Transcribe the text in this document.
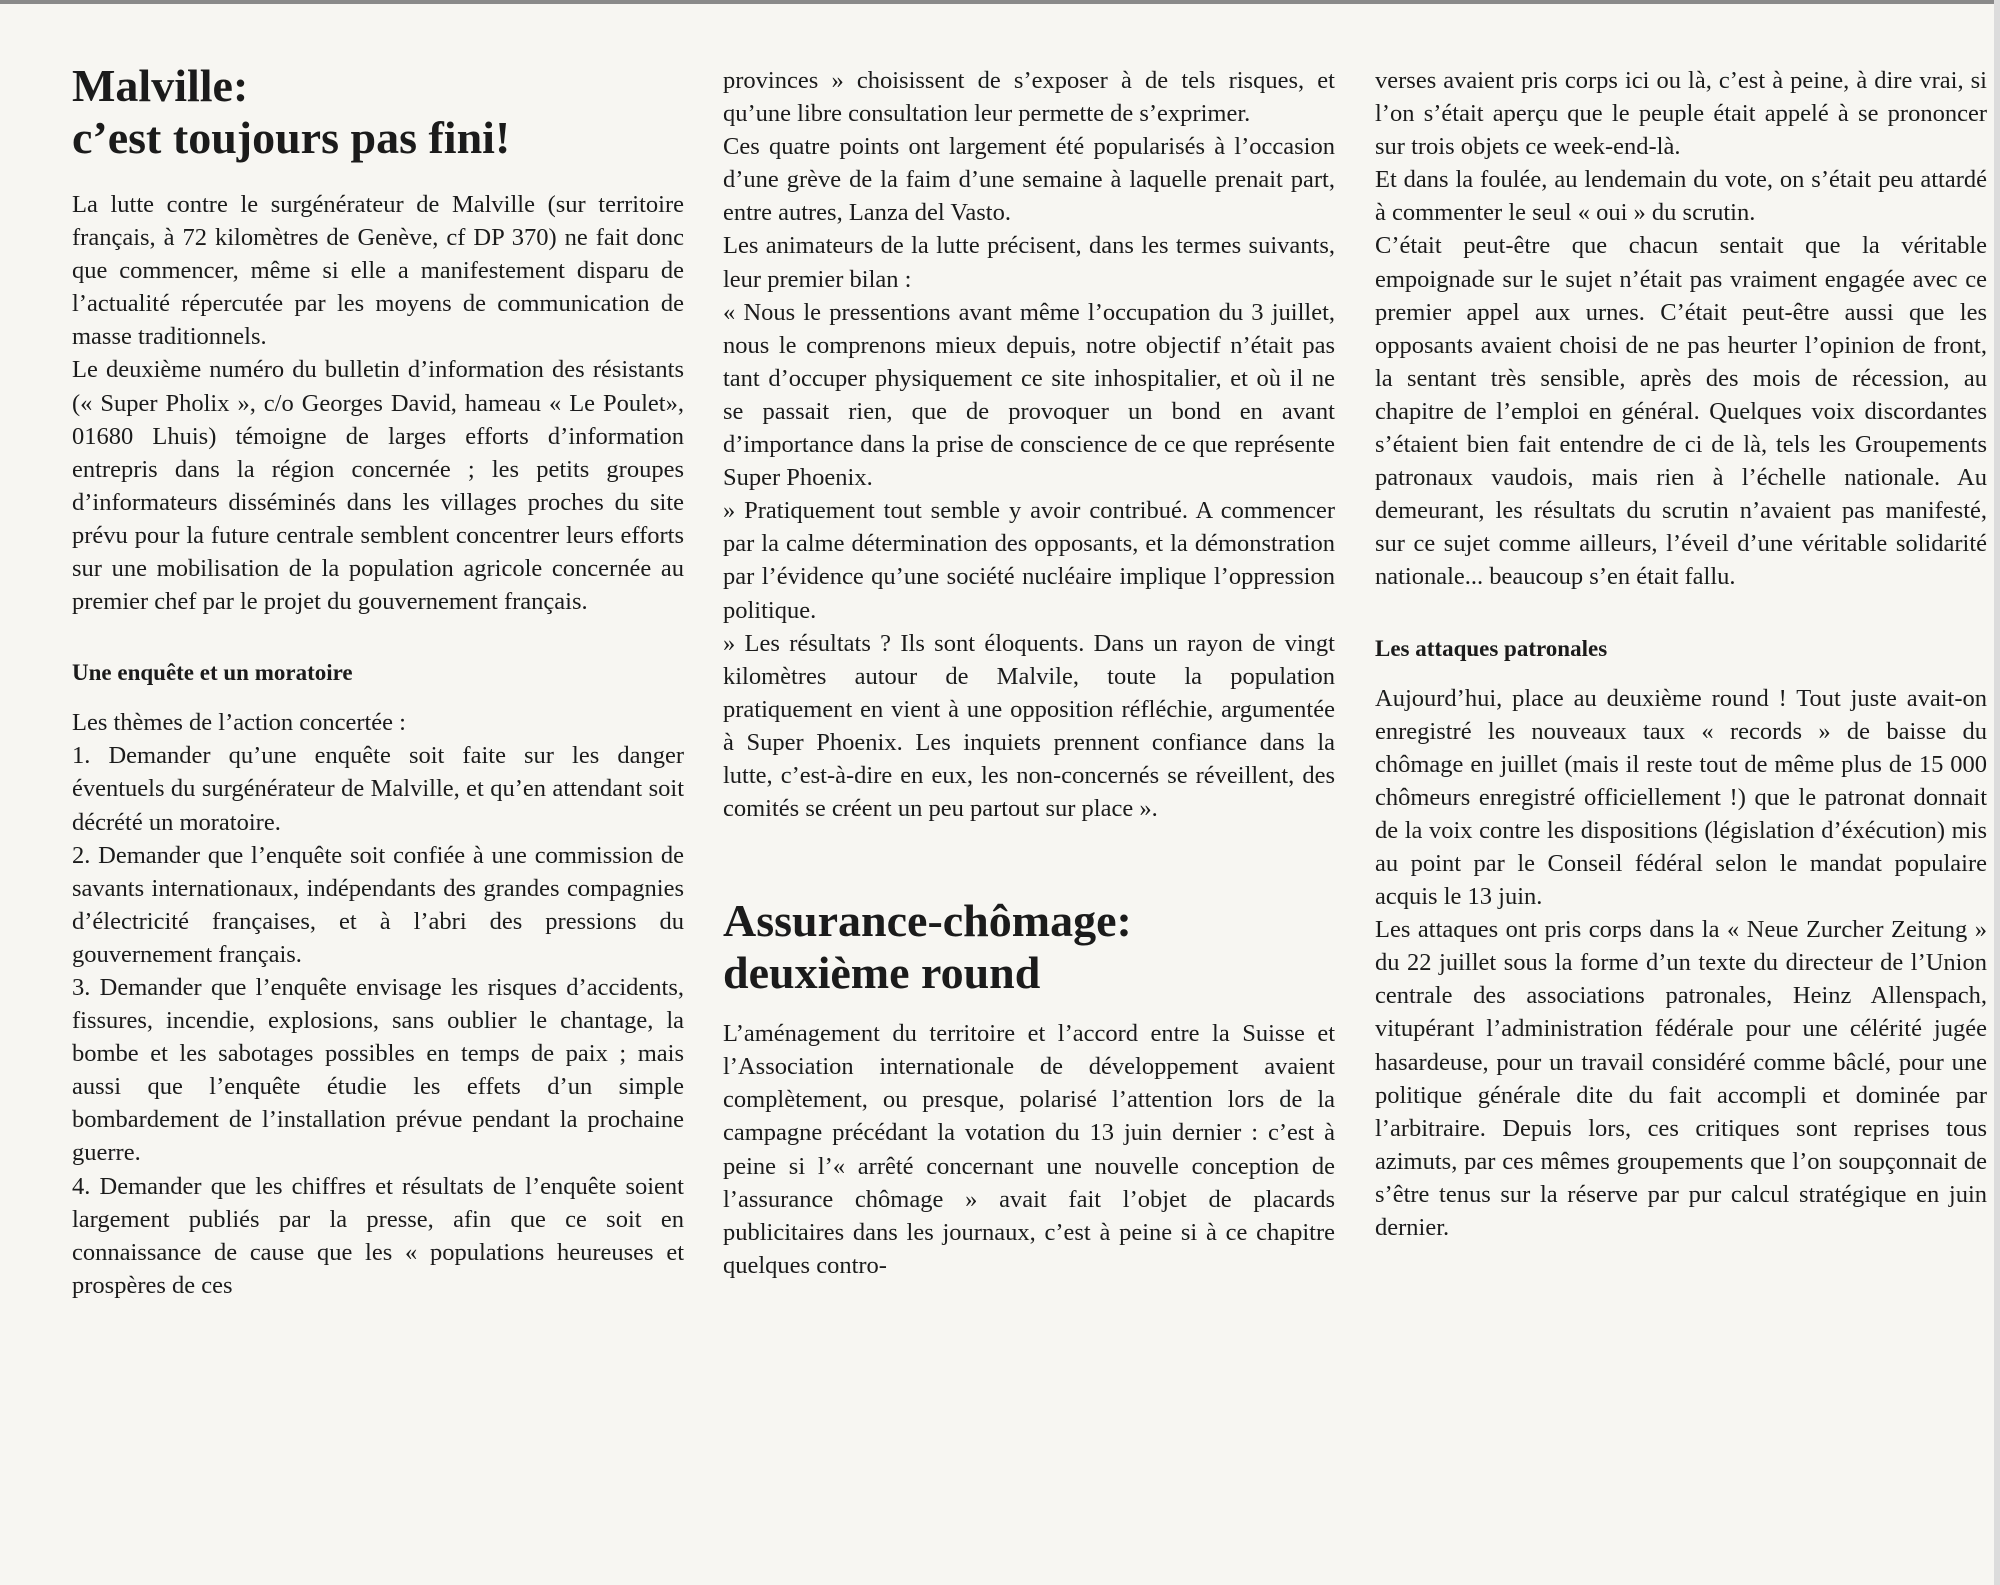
Malville:
c’est toujours pas fini!

La lutte contre le surgénérateur de Malville (sur territoire français, à 72 kilomètres de Genève, cf DP 370) ne fait donc que commencer, même si elle a manifestement disparu de l’actualité répercutée par les moyens de communication de masse traditionnels.

Le deuxième numéro du bulletin d’information des résistants (« Super Pholix », c/o Georges David, hameau « Le Poulet», 01680 Lhuis) témoigne de larges efforts d’information entrepris dans la région concernée ; les petits groupes d’informateurs disséminés dans les villages proches du site prévu pour la future centrale semblent concentrer leurs efforts sur une mobilisation de la population agricole concernée au premier chef par le projet du gouvernement français.

Une enquête et un moratoire

Les thèmes de l’action concertée :

1. Demander qu’une enquête soit faite sur les danger éventuels du surgénérateur de Malville, et qu’en attendant soit décrété un moratoire.

2. Demander que l’enquête soit confiée à une commission de savants internationaux, indépendants des grandes compagnies d’électricité françaises, et à l’abri des pressions du gouvernement français.

3. Demander que l’enquête envisage les risques d’accidents, fissures, incendie, explosions, sans oublier le chantage, la bombe et les sabotages possibles en temps de paix ; mais aussi que l’enquête étudie les effets d’un simple bombardement de l’installation prévue pendant la prochaine guerre.

4. Demander que les chiffres et résultats de l’enquête soient largement publiés par la presse, afin que ce soit en connaissance de cause que les « populations heureuses et prospères de ces

provinces » choisissent de s’exposer à de tels risques, et qu’une libre consultation leur permette de s’exprimer.

Ces quatre points ont largement été popularisés à l’occasion d’une grève de la faim d’une semaine à laquelle prenait part, entre autres, Lanza del Vasto.

Les animateurs de la lutte précisent, dans les termes suivants, leur premier bilan :

« Nous le pressentions avant même l’occupation du 3 juillet, nous le comprenons mieux depuis, notre objectif n’était pas tant d’occuper physiquement ce site inhospitalier, et où il ne se passait rien, que de provoquer un bond en avant d’importance dans la prise de conscience de ce que représente Super Phoenix.

» Pratiquement tout semble y avoir contribué. A commencer par la calme détermination des opposants, et la démonstration par l’évidence qu’une société nucléaire implique l’oppression politique.

» Les résultats ? Ils sont éloquents. Dans un rayon de vingt kilomètres autour de Malvile, toute la population pratiquement en vient à une opposition réfléchie, argumentée à Super Phoenix. Les inquiets prennent confiance dans la lutte, c’est-à-dire en eux, les non-concernés se réveillent, des comités se créent un peu partout sur place ».

Assurance-chômage:
deuxième round

L’aménagement du territoire et l’accord entre la Suisse et l’Association internationale de développement avaient complètement, ou presque, polarisé l’attention lors de la campagne précédant la votation du 13 juin dernier : c’est à peine si l’« arrêté concernant une nouvelle conception de l’assurance chômage » avait fait l’objet de placards publicitaires dans les journaux, c’est à peine si à ce chapitre quelques contro-

verses avaient pris corps ici ou là, c’est à peine, à dire vrai, si l’on s’était aperçu que le peuple était appelé à se prononcer sur trois objets ce week-end-là.

Et dans la foulée, au lendemain du vote, on s’était peu attardé à commenter le seul « oui » du scrutin.

C’était peut-être que chacun sentait que la véritable empoignade sur le sujet n’était pas vraiment engagée avec ce premier appel aux urnes. C’était peut-être aussi que les opposants avaient choisi de ne pas heurter l’opinion de front, la sentant très sensible, après des mois de récession, au chapitre de l’emploi en général. Quelques voix discordantes s’étaient bien fait entendre de ci de là, tels les Groupements patronaux vaudois, mais rien à l’échelle nationale. Au demeurant, les résultats du scrutin n’avaient pas manifesté, sur ce sujet comme ailleurs, l’éveil d’une véritable solidarité nationale... beaucoup s’en était fallu.

Les attaques patronales

Aujourd’hui, place au deuxième round ! Tout juste avait-on enregistré les nouveaux taux « records » de baisse du chômage en juillet (mais il reste tout de même plus de 15 000 chômeurs enregistré officiellement !) que le patronat donnait de la voix contre les dispositions (législation d’éxécution) mis au point par le Conseil fédéral selon le mandat populaire acquis le 13 juin.

Les attaques ont pris corps dans la « Neue Zurcher Zeitung » du 22 juillet sous la forme d’un texte du directeur de l’Union centrale des associations patronales, Heinz Allenspach, vitupérant l’administration fédérale pour une célérité jugée hasardeuse, pour un travail considéré comme bâclé, pour une politique générale dite du fait accompli et dominée par l’arbitraire. Depuis lors, ces critiques sont reprises tous azimuts, par ces mêmes groupements que l’on soupçonnait de s’être tenus sur la réserve par pur calcul stratégique en juin dernier.
